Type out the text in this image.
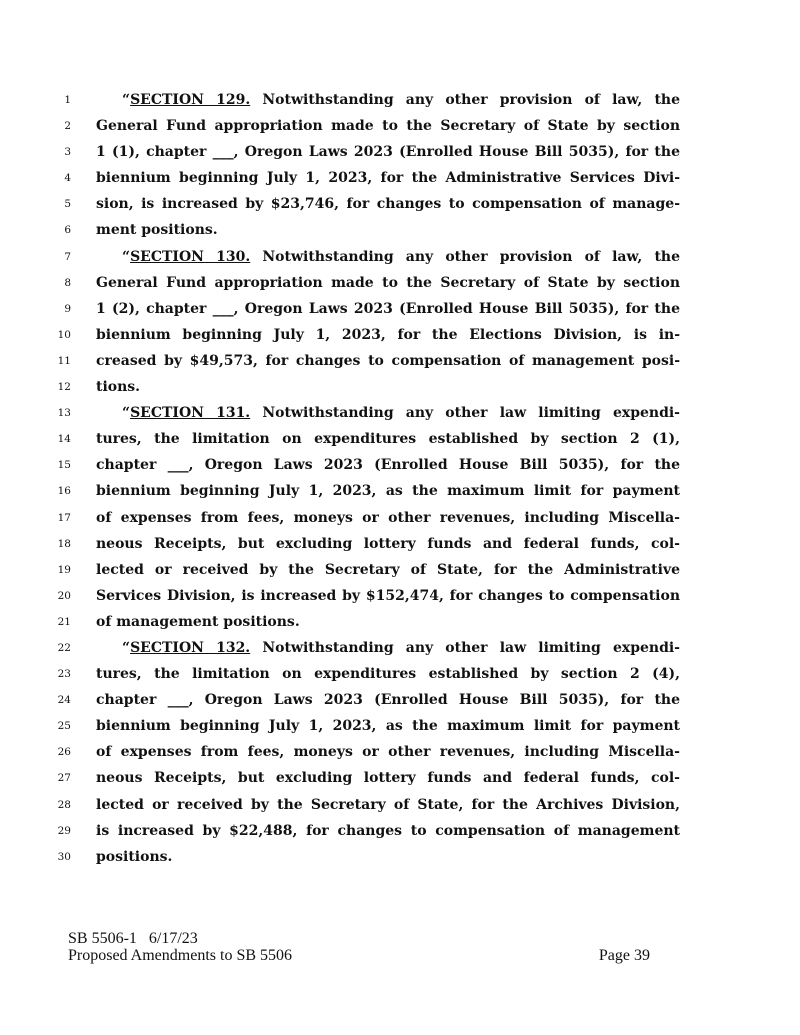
1	“SECTION 129. Notwithstanding any other provision of law, the
2 General Fund appropriation made to the Secretary of State by section
3 1 (1), chapter ___, Oregon Laws 2023 (Enrolled House Bill 5035), for the
4 biennium beginning July 1, 2023, for the Administrative Services Divi-
5 sion, is increased by $23,746, for changes to compensation of manage-
6 ment positions.
7	“SECTION 130. Notwithstanding any other provision of law, the
8 General Fund appropriation made to the Secretary of State by section
9 1 (2), chapter ___, Oregon Laws 2023 (Enrolled House Bill 5035), for the
10 biennium beginning July 1, 2023, for the Elections Division, is in-
11 creased by $49,573, for changes to compensation of management posi-
12 tions.
13	“SECTION 131. Notwithstanding any other law limiting expendi-
14 tures, the limitation on expenditures established by section 2 (1),
15 chapter ___, Oregon Laws 2023 (Enrolled House Bill 5035), for the
16 biennium beginning July 1, 2023, as the maximum limit for payment
17 of expenses from fees, moneys or other revenues, including Miscella-
18 neous Receipts, but excluding lottery funds and federal funds, col-
19 lected or received by the Secretary of State, for the Administrative
20 Services Division, is increased by $152,474, for changes to compensation
21 of management positions.
22	“SECTION 132. Notwithstanding any other law limiting expendi-
23 tures, the limitation on expenditures established by section 2 (4),
24 chapter ___, Oregon Laws 2023 (Enrolled House Bill 5035), for the
25 biennium beginning July 1, 2023, as the maximum limit for payment
26 of expenses from fees, moneys or other revenues, including Miscella-
27 neous Receipts, but excluding lottery funds and federal funds, col-
28 lected or received by the Secretary of State, for the Archives Division,
29 is increased by $22,488, for changes to compensation of management
30 positions.
SB 5506-1   6/17/23
Proposed Amendments to SB 5506	Page 39
